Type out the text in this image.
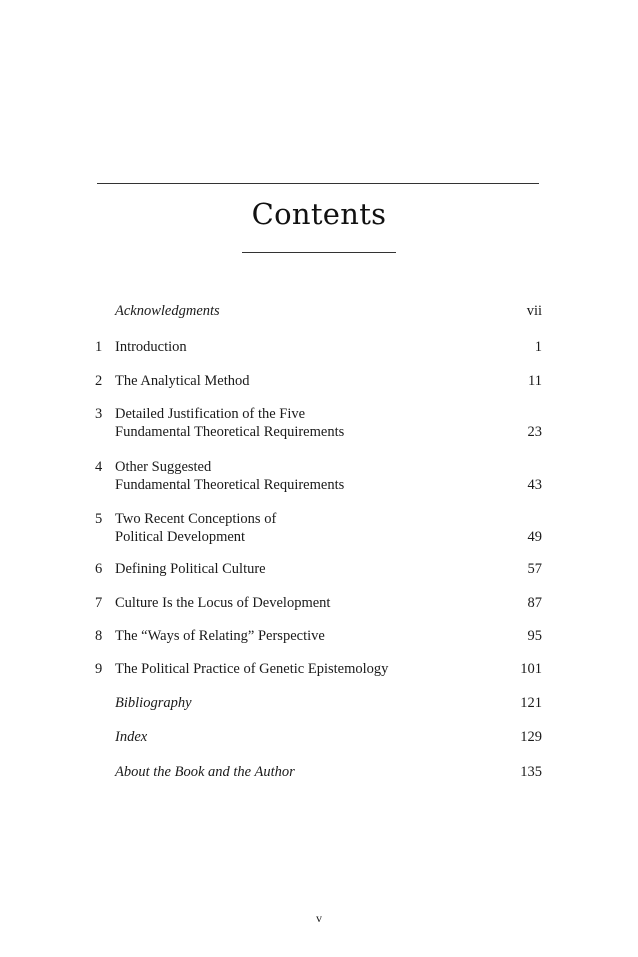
Contents
Acknowledgments	vii
1 Introduction	1
2 The Analytical Method	11
3 Detailed Justification of the Five
Fundamental Theoretical Requirements	23
4 Other Suggested
Fundamental Theoretical Requirements	43
5 Two Recent Conceptions of
Political Development	49
6 Defining Political Culture	57
7 Culture Is the Locus of Development	87
8 The “Ways of Relating” Perspective	95
9 The Political Practice of Genetic Epistemology	101
Bibliography	121
Index	129
About the Book and the Author	135
v
